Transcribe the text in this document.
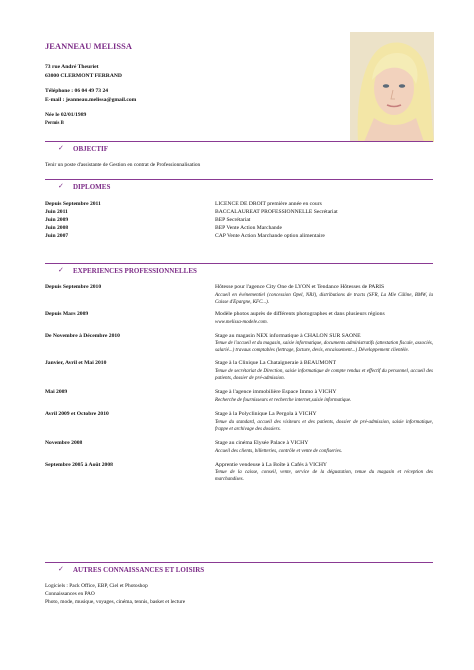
JEANNEAU MELISSA
73 rue André Theuriet
63000 CLERMONT FERRAND
Téléphone : 06 04 49 73 24
E-mail : jeanneau.melissa@gmail.com
Née le 02/01/1989
Permis B
✓ OBJECTIF
Tenir un poste d'assistante de Gestion en contrat de Professionnalisation
✓ DIPLOMES
Depuis Septembre 2011	LICENCE DE DROIT première année en cours
Juin 2011	BACCALAUREAT PROFESSIONNELLE Secrétariat
Juin 2009	BEP Secrétariat
Juin 2008	BEP Vente Action Marchande
Juin 2007	CAP Vente Action Marchande option alimentaire
✓ EXPERIENCES PROFESSIONNELLES
Depuis Septembre 2010	Hôtesse pour l'agence City One de LYON et Tendance Hôtesses de PARIS
Accueil en événementiel (concession Opel, NRJ), distributions de tracts (SFR, La Mie Câline, BMW, la Caisse d'Epargne, KFC...).
Depuis Mars 2009	Modèle photos auprès de différents photographes et dans plusieurs régions
www.melissa-modele.com.
De Novembre à Décembre 2010	Stage au magasin NEX informatique à CHALON SUR SAONE
Tenue de l'accueil et du magasin, saisie informatique, documents administratifs (attestation fiscale, associés, salarié...) travaux comptables (lettrage, facture, devis, encaissement...) Développement clientèle.
Janvier, Avril et Mai 2010	Stage à la Clinique La Chataigneraie à BEAUMONT
Tenue de secrétariat de Direction, saisie informatique de compte rendus et effectif du personnel, accueil des patients, dossier de pré-admission.
Mai 2009	Stage à l'agence immobilière Espace Immo à VICHY
Recherche de fournisseurs et recherche internet,saisie informatique.
Avril 2009 et Octobre 2010	Stage à la Polyclinique La Pergola à VICHY
Tenue du standard, accueil des visiteurs et des patients, dossier de pré-admission, saisie informatique, frappe et archivage des dossiers.
Novembre 2008	Stage au cinéma Elysée Palace à VICHY
Accueil des clients, billetteries, contrôle et vente de confiseries.
Septembre 2005 à Août 2008	Apprentie vendeuse à La Boîte à Cafés à VICHY
Tenue de la caisse, conseil, vente, service de la dégustation, tenue du magasin et réception des marchandises.
✓ AUTRES CONNAISSANCES ET LOISIRS
Logiciels : Pack Office, EBP, Ciel et Photoshop
Connaissances en PAO
Photo, mode, musique, voyages, cinéma, tennis, basket et lecture
